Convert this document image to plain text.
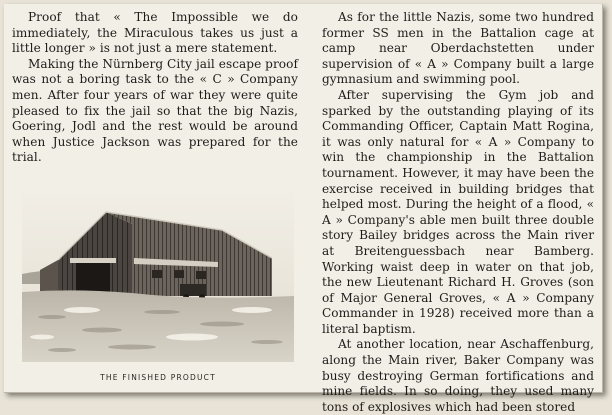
Proof that « The Impossible we do immediately, the Miraculous takes us just a little longer » is not just a mere statement.

Making the Nürnberg City jail escape proof was not a boring task to the « C » Company men. After four years of war they were quite pleased to fix the jail so that the big Nazis, Goering, Jodl and the rest would be around when Justice Jackson was prepared for the trial.

THE FINISHED PRODUCT

As for the little Nazis, some two hundred former SS men in the Battalion cage at camp near Oberdachstetten under supervision of « A » Company built a large gymnasium and swimming pool.

After supervising the Gym job and sparked by the outstanding playing of its Commanding Officer, Captain Matt Rogina, it was only natural for « A » Company to win the championship in the Battalion tournament. However, it may have been the exercise received in building bridges that helped most. During the height of a flood, « A » Company's able men built three double story Bailey bridges across the Main river at Breitenguessbach near Bamberg. Working waist deep in water on that job, the new Lieutenant Richard H. Groves (son of Major General Groves, « A » Company Commander in 1928) received more than a literal baptism.

At another location, near Aschaffenburg, along the Main river, Baker Company was busy destroying German fortifications and mine fields. In so doing, they used many tons of explosives which had been stored
